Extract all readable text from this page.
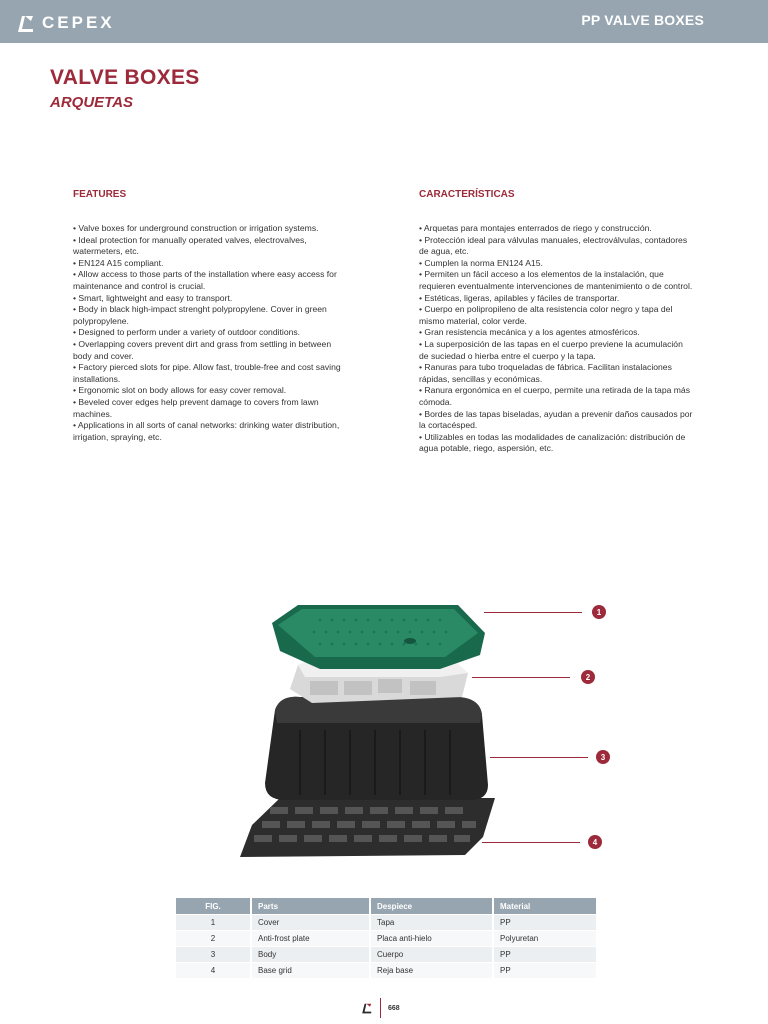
CEPEX	PP VALVE BOXES
VALVE BOXES
ARQUETAS
FEATURES
• Valve boxes for underground construction or irrigation systems.
• Ideal protection for manually operated valves, electrovalves, watermeters, etc.
• EN124 A15 compliant.
• Allow access to those parts of the installation where easy access for maintenance and control is crucial.
• Smart, lightweight and easy to transport.
• Body in black high-impact strenght polypropylene. Cover in green polypropylene.
• Designed to perform under a variety of outdoor conditions.
• Overlapping covers prevent dirt and grass from settling in between body and cover.
• Factory pierced slots for pipe. Allow fast, trouble-free and cost saving installations.
• Ergonomic slot on body allows for easy cover removal.
• Beveled cover edges help prevent damage to covers from lawn machines.
• Applications in all sorts of canal networks: drinking water distribution, irrigation, spraying, etc.
CARACTERÍSTICAS
• Arquetas para montajes enterrados de riego y construcción.
• Protección ideal para válvulas manuales, electroválvulas, contadores de agua, etc.
• Cumplen la norma EN124 A15.
• Permiten un fácil acceso a los elementos de la instalación, que requieren eventualmente intervenciones de mantenimiento o de control.
• Estéticas, ligeras, apilables y fáciles de transportar.
• Cuerpo en polipropileno de alta resistencia color negro y tapa del mismo material, color verde.
• Gran resistencia mecánica y a los agentes atmosféricos.
• La superposición de las tapas en el cuerpo previene la acumulación de suciedad o hierba entre el cuerpo y la tapa.
• Ranuras para tubo troqueladas de fábrica. Facilitan instalaciones rápidas, sencillas y económicas.
• Ranura ergonómica en el cuerpo, permite una retirada de la tapa más cómoda.
• Bordes de las tapas biseladas, ayudan a prevenir daños causados por la cortacésped.
• Utilizables en todas las modalidades de canalización: distribución de agua potable, riego, aspersión, etc.
1
2
3
4
FIG.	Parts	Despiece	Material
1	Cover	Tapa	PP
2	Anti-frost plate	Placa anti-hielo	Polyuretan
3	Body	Cuerpo	PP
4	Base grid	Reja base	PP
668
